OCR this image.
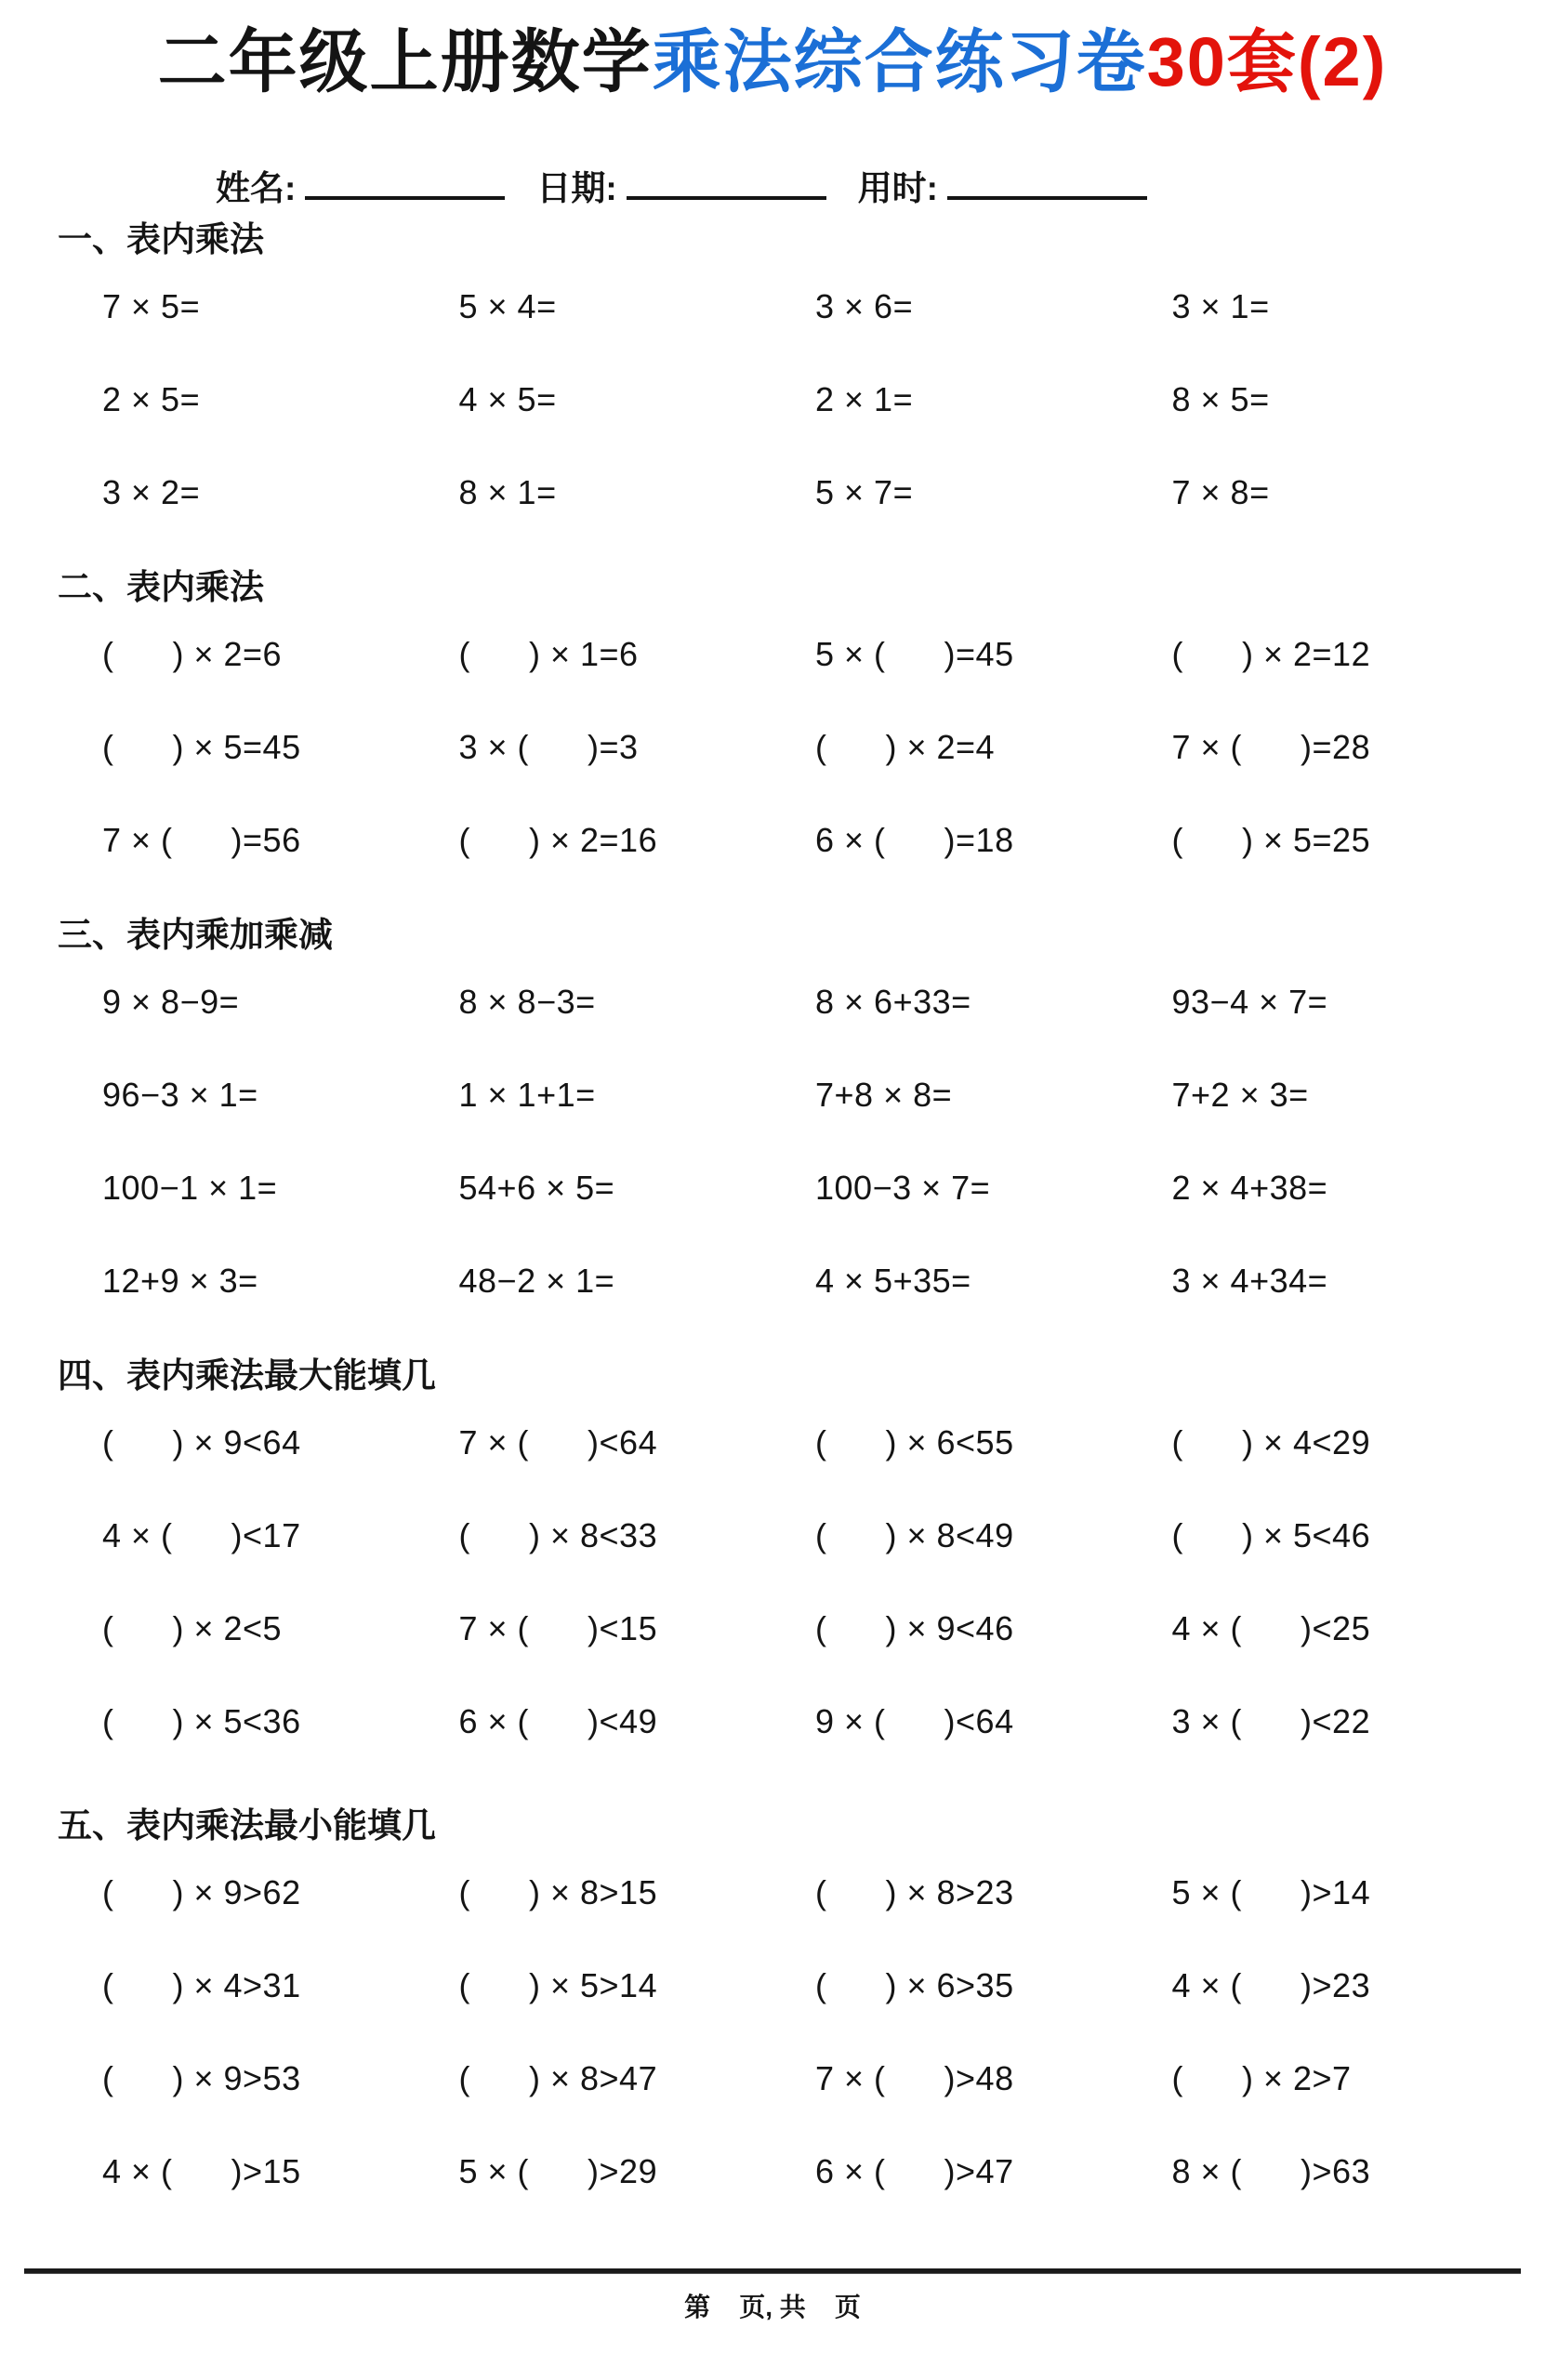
二年级上册数学乘法综合练习卷30套(2)
姓名:	日期:	用时:
一、表内乘法
7 × 5=	5 × 4=	3 × 6=	3 × 1=
2 × 5=	4 × 5=	2 × 1=	8 × 5=
3 × 2=	8 × 1=	5 × 7=	7 × 8=
二、表内乘法
(      ) × 2=6	(      ) × 1=6	5 × (      )=45	(      ) × 2=12
(      ) × 5=45	3 × (      )=3	(      ) × 2=4	7 × (      )=28
7 × (      )=56	(      ) × 2=16	6 × (      )=18	(      ) × 5=25
三、表内乘加乘减
9 × 8−9=	8 × 8−3=	8 × 6+33=	93−4 × 7=
96−3 × 1=	1 × 1+1=	7+8 × 8=	7+2 × 3=
100−1 × 1=	54+6 × 5=	100−3 × 7=	2 × 4+38=
12+9 × 3=	48−2 × 1=	4 × 5+35=	3 × 4+34=
四、表内乘法最大能填几
(      ) × 9<64	7 × (      )<64	(      ) × 6<55	(      ) × 4<29
4 × (      )<17	(      ) × 8<33	(      ) × 8<49	(      ) × 5<46
(      ) × 2<5	7 × (      )<15	(      ) × 9<46	4 × (      )<25
(      ) × 5<36	6 × (      )<49	9 × (      )<64	3 × (      )<22
五、表内乘法最小能填几
(      ) × 9>62	(      ) × 8>15	(      ) × 8>23	5 × (      )>14
(      ) × 4>31	(      ) × 5>14	(      ) × 6>35	4 × (      )>23
(      ) × 9>53	(      ) × 8>47	7 × (      )>48	(      ) × 2>7
4 × (      )>15	5 × (      )>29	6 × (      )>47	8 × (      )>63
第    页, 共    页
